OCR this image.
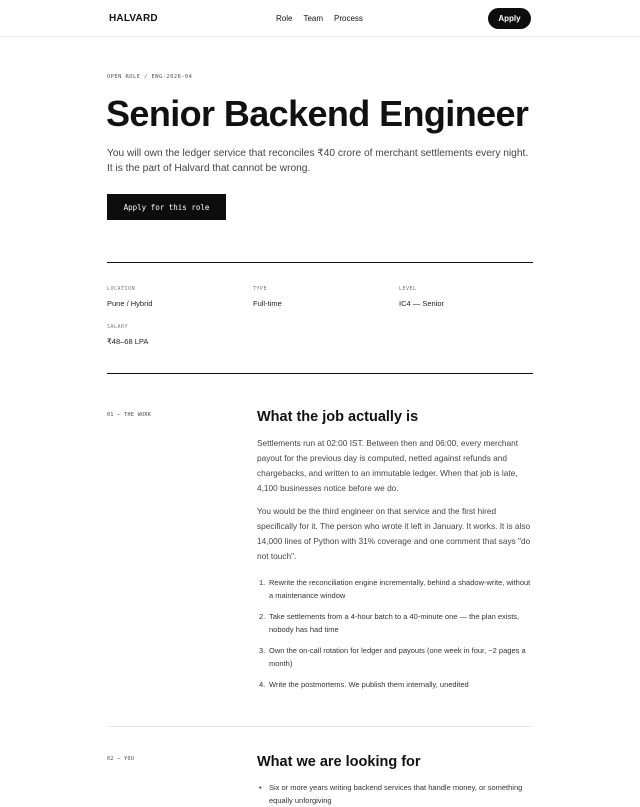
HALVARD	Role Team Process	Apply
OPEN ROLE / ENG-2026-04
Senior Backend Engineer
You will own the ledger service that reconciles ₹40 crore of merchant settlements every night. It is the part of Halvard that cannot be wrong.
Apply for this role
LOCATION
Pune / Hybrid
TYPE
Full-time
LEVEL
IC4 — Senior
SALARY
₹48–68 LPA
01 — THE WORK	What the job actually is
Settlements run at 02:00 IST. Between then and 06:00, every merchant payout for the previous day is computed, netted against refunds and chargebacks, and written to an immutable ledger. When that job is late, 4,100 businesses notice before we do.
You would be the third engineer on that service and the first hired specifically for it. The person who wrote it left in January. It works. It is also 14,000 lines of Python with 31% coverage and one comment that says "do not touch".
1. Rewrite the reconciliation engine incrementally, behind a shadow-write, without a maintenance window
2. Take settlements from a 4-hour batch to a 40-minute one — the plan exists, nobody has had time
3. Own the on-call rotation for ledger and payouts (one week in four, ~2 pages a month)
4. Write the postmortems. We publish them internally, unedited
02 — YOU	What we are looking for
• Six or more years writing backend services that handle money, or something equally unforgiving
